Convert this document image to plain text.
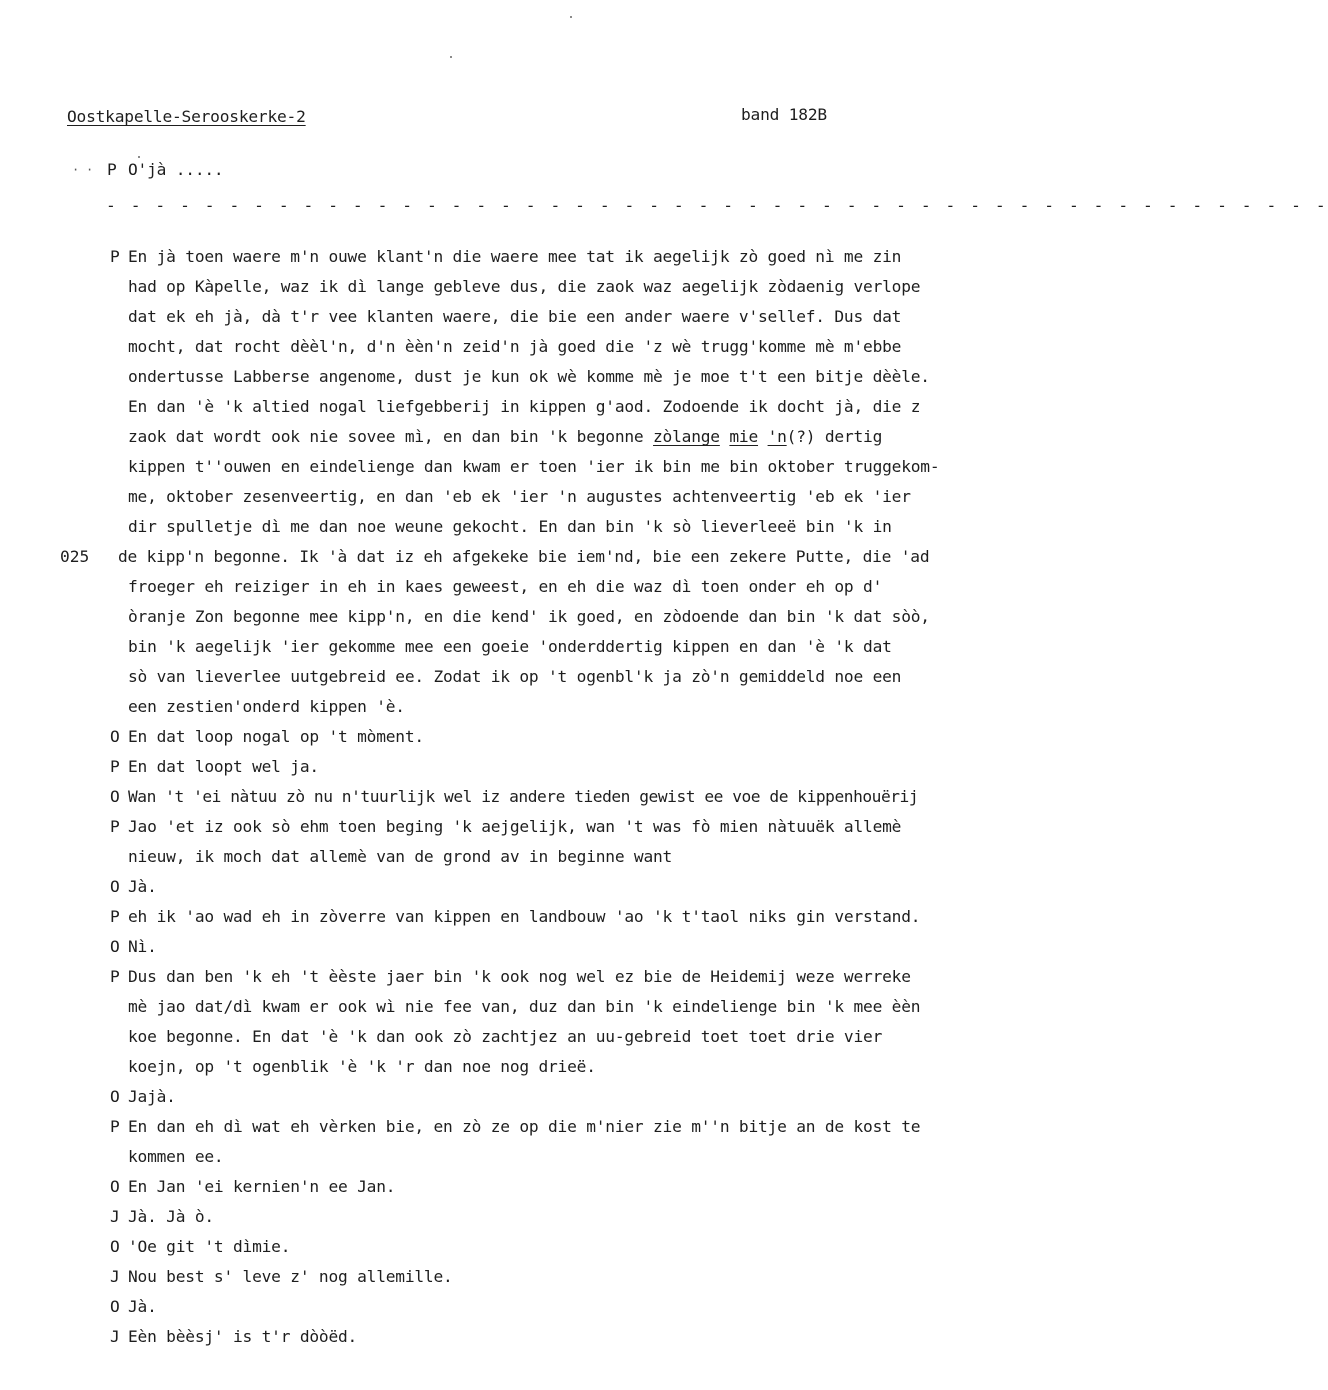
Oostkapelle-Serooskerke-2	band 182B
· · P O'jà .....
- - - - - - - - - - - - - - - - - - - - - - - - - - - - - - - - - - - - - - - - - - - - - - - - - -
025
P En jà toen waere m'n ouwe klant'n die waere mee tat ik aegelijk zò goed nì me zin
had op Kàpelle, waz ik dì lange gebleve dus, die zaok waz aegelijk zòdaenig verlope
dat ek eh jà, dà t'r vee klanten waere, die bie een ander waere v'sellef. Dus dat
mocht, dat rocht dèèl'n, d'n èèn'n zeid'n jà goed die 'z wè trugg'komme mè m'ebbe
ondertusse Labberse angenome, dust je kun ok wè komme mè je moe t't een bitje dèèle.
En dan 'è 'k altied nogal liefgebberij in kippen g'aod. Zodoende ik docht jà, die z
zaok dat wordt ook nie sovee mì, en dan bin 'k begonne zòlange mie 'n(?) dertig
kippen t''ouwen en eindelienge dan kwam er toen 'ier ik bin me bin oktober truggekom-
me, oktober zesenveertig, en dan 'eb ek 'ier 'n augustes achtenveertig 'eb ek 'ier
dir spulletje dì me dan noe weune gekocht. En dan bin 'k sò lieverleeë bin 'k in
de kipp'n begonne. Ik 'à dat iz eh afgekeke bie iem'nd, bie een zekere Putte, die 'ad
froeger eh reiziger in eh in kaes geweest, en eh die waz dì toen onder eh op d'
òranje Zon begonne mee kipp'n, en die kend' ik goed, en zòdoende dan bin 'k dat sòò,
bin 'k aegelijk 'ier gekomme mee een goeie 'onderddertig kippen en dan 'è 'k dat
sò van lieverlee uutgebreid ee. Zodat ik op 't ogenbl'k ja zò'n gemiddeld noe een
een zestien'onderd kippen 'è.
O En dat loop nogal op 't mòment.
P En dat loopt wel ja.
O Wan 't 'ei nàtuu zò nu n'tuurlijk wel iz andere tieden gewist ee voe de kippenhouërij
P Jao 'et iz ook sò ehm toen beging 'k aejgelijk, wan 't was fò mien nàtuuëk allemè
nieuw, ik moch dat allemè van de grond av in beginne want
O Jà.
P eh ik 'ao wad eh in zòverre van kippen en landbouw 'ao 'k t'taol niks gin verstand.
O Nì.
P Dus dan ben 'k eh 't èèste jaer bin 'k ook nog wel ez bie de Heidemij weze werreke
mè jao dat/dì kwam er ook wì nie fee van, duz dan bin 'k eindelienge bin 'k mee èèn
koe begonne. En dat 'è 'k dan ook zò zachtjez an uu-gebreid toet toet drie vier
koejn, op 't ogenblik 'è 'k 'r dan noe nog drieë.
O Jajà.
P En dan eh dì wat eh vèrken bie, en zò ze op die m'nier zie m''n bitje an de kost te
kommen ee.
O En Jan 'ei kernien'n ee Jan.
J Jà. Jà ò.
O 'Oe git 't dìmie.
J Nou best s' leve z' nog allemille.
O Jà.
J Eèn bèèsj' is t'r dòòëd.
